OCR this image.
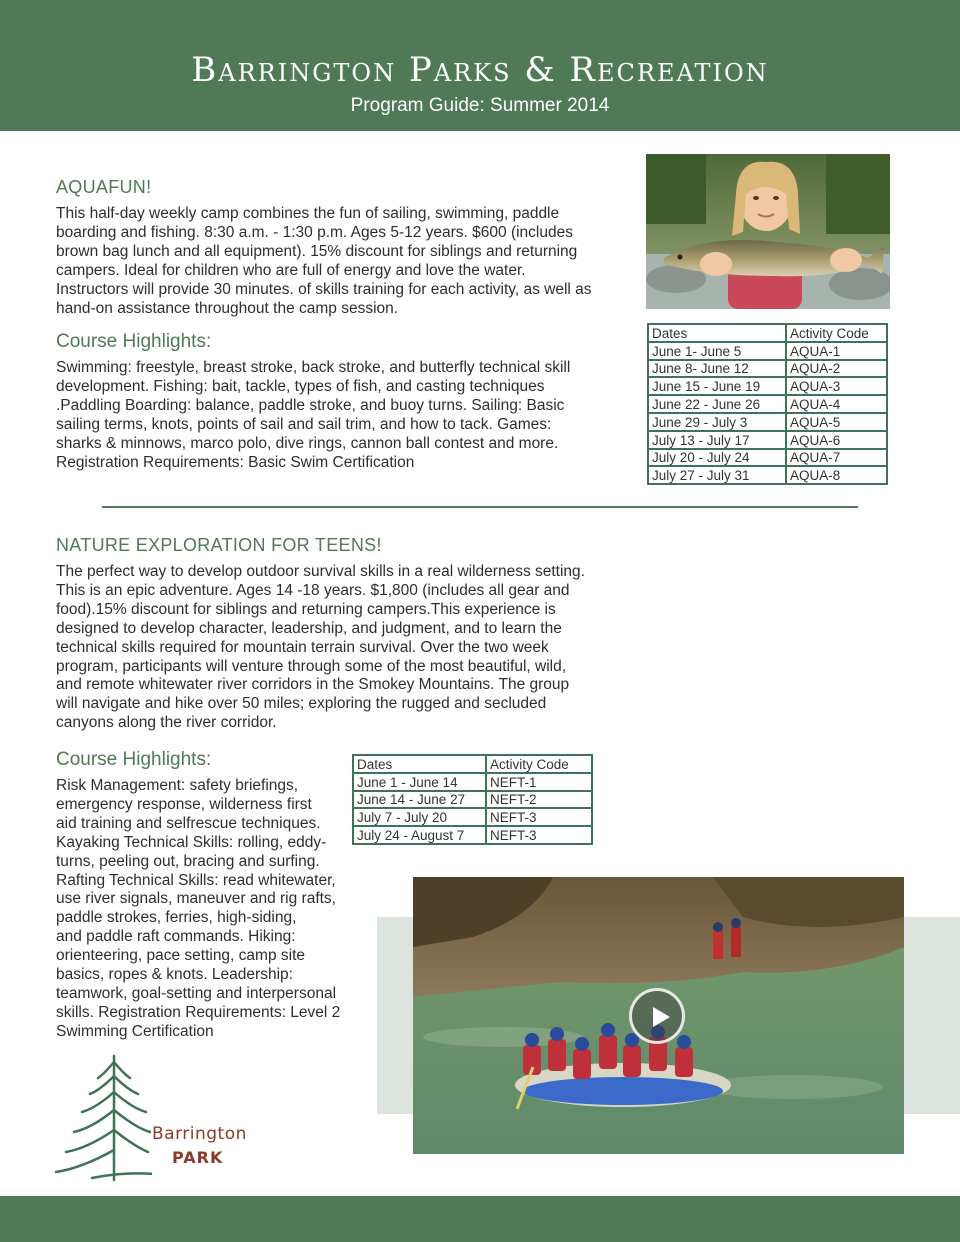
Barrington Parks & Recreation
Program Guide: Summer 2014
AQUAFUN!
This half-day weekly camp combines the fun of sailing, swimming, paddle
boarding and fishing. 8:30 a.m. - 1:30 p.m. Ages 5-12 years. $600 (includes
brown bag lunch and all equipment). 15% discount for siblings and returning
campers. Ideal for children who are full of energy and love the water.
Instructors will provide 30 minutes. of skills training for each activity, as well as
hand-on assistance throughout the camp session.
Course Highlights:
Swimming: freestyle, breast stroke, back stroke, and butterfly technical skill
development. Fishing: bait, tackle, types of fish, and casting techniques
.Paddling Boarding: balance, paddle stroke, and buoy turns. Sailing: Basic
sailing terms, knots, points of sail and sail trim, and how to tack. Games:
sharks & minnows, marco polo, dive rings, cannon ball contest and more.
Registration Requirements: Basic Swim Certification
Dates	Activity Code
June 1- June 5	AQUA-1
June 8- June 12	AQUA-2
June 15 - June 19	AQUA-3
June 22 - June 26	AQUA-4
June 29 - July 3	AQUA-5
July 13 - July 17	AQUA-6
July 20 - July 24	AQUA-7
July 27 - July 31	AQUA-8
NATURE EXPLORATION FOR TEENS!
The perfect way to develop outdoor survival skills in a real wilderness setting.
This is an epic adventure. Ages 14 -18 years. $1,800 (includes all gear and
food).15% discount for siblings and returning campers.This experience is
designed to develop character, leadership, and judgment, and to learn the
technical skills required for mountain terrain survival. Over the two week
program, participants will venture through some of the most beautiful, wild,
and remote whitewater river corridors in the Smokey Mountains. The group
will navigate and hike over 50 miles; exploring the rugged and secluded
canyons along the river corridor.
Course Highlights:
Risk Management: safety briefings,
emergency response, wilderness first
aid training and selfrescue techniques.
Kayaking Technical Skills: rolling, eddy-
turns, peeling out, bracing and surfing.
Rafting Technical Skills: read whitewater,
use river signals, maneuver and rig rafts,
paddle strokes, ferries, high-siding,
and paddle raft commands. Hiking:
orienteering, pace setting, camp site
basics, ropes & knots. Leadership:
teamwork, goal-setting and interpersonal
skills. Registration Requirements: Level 2
Swimming Certification
Dates	Activity Code
June 1 - June 14	NEFT-1
June 14 - June 27	NEFT-2
July 7 - July 20	NEFT-3
July 24 - August 7	NEFT-3
Barrington
PARK
